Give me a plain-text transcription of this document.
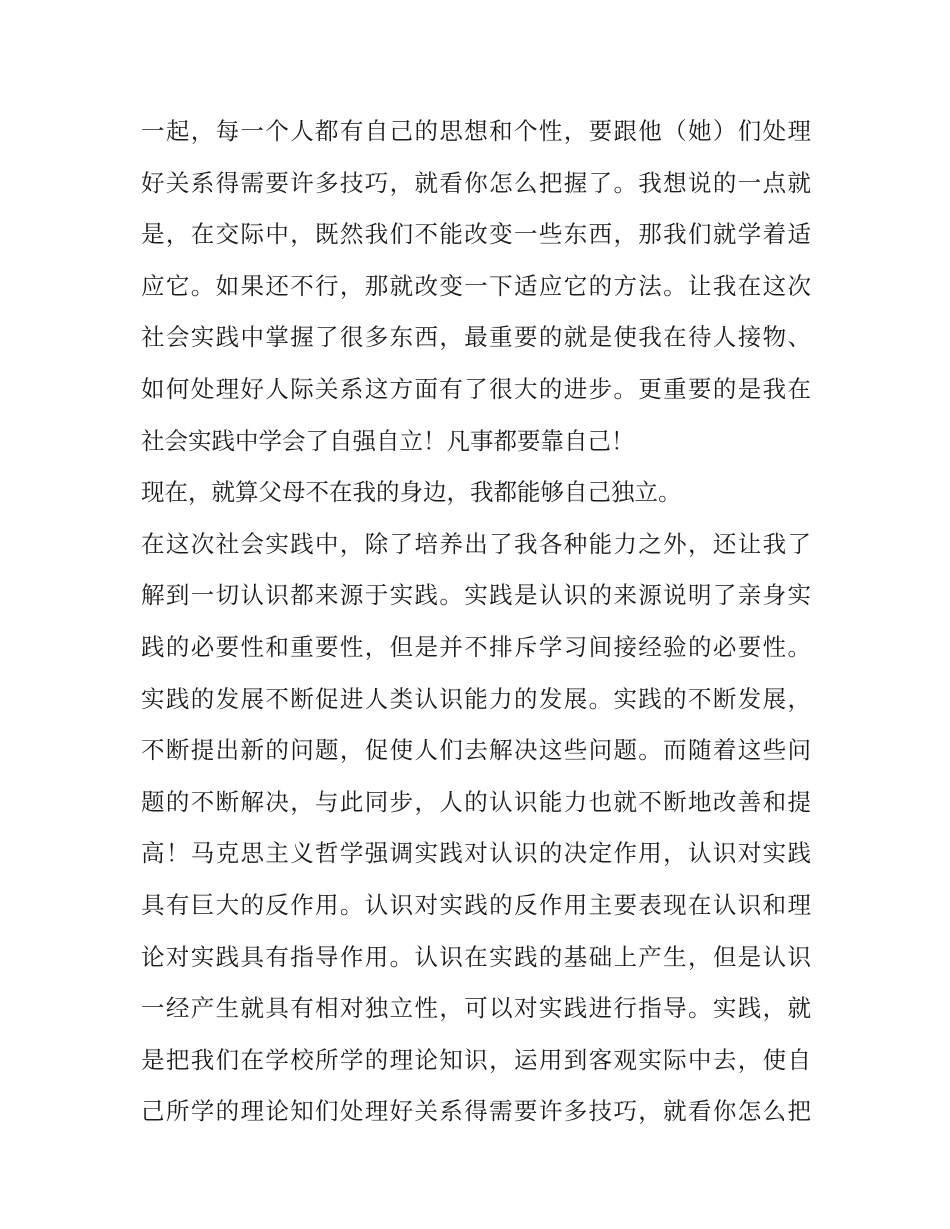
一起，每一个人都有自己的思想和个性，要跟他（她）们处理
好关系得需要许多技巧，就看你怎么把握了。我想说的一点就
是，在交际中，既然我们不能改变一些东西，那我们就学着适
应它。如果还不行，那就改变一下适应它的方法。让我在这次
社会实践中掌握了很多东西，最重要的就是使我在待人接物、
如何处理好人际关系这方面有了很大的进步。更重要的是我在
社会实践中学会了自强自立！凡事都要靠自己！
现在，就算父母不在我的身边，我都能够自己独立。
在这次社会实践中，除了培养出了我各种能力之外，还让我了
解到一切认识都来源于实践。实践是认识的来源说明了亲身实
践的必要性和重要性，但是并不排斥学习间接经验的必要性。
实践的发展不断促进人类认识能力的发展。实践的不断发展，
不断提出新的问题，促使人们去解决这些问题。而随着这些问
题的不断解决，与此同步，人的认识能力也就不断地改善和提
高！马克思主义哲学强调实践对认识的决定作用，认识对实践
具有巨大的反作用。认识对实践的反作用主要表现在认识和理
论对实践具有指导作用。认识在实践的基础上产生，但是认识
一经产生就具有相对独立性，可以对实践进行指导。实践，就
是把我们在学校所学的理论知识，运用到客观实际中去，使自
己所学的理论知们处理好关系得需要许多技巧，就看你怎么把
